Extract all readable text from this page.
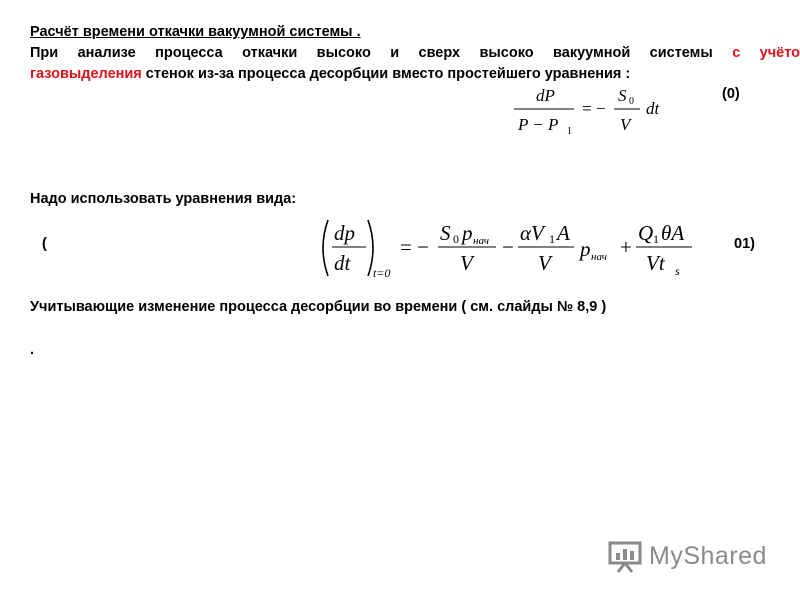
Расчёт времени откачки вакуумной системы .
При анализе процесса откачки высоко и сверх высоко вакуумной системы с учёто
газовыделения стенок из-за процесса десорбции вместо простейшего уравнения :
dP
P − P 1
= −
S 0
V
dt
(0)
Надо использовать уравнения вида:
(	dp
dt t=0
= −
S 0 p нач
V
−
αV 1 A
V
p нач +
Q 1 θA
Vt s
01)
Учитывающие изменение процесса десорбции во времени ( см. слайды № 8,9 )
.
MyShared
